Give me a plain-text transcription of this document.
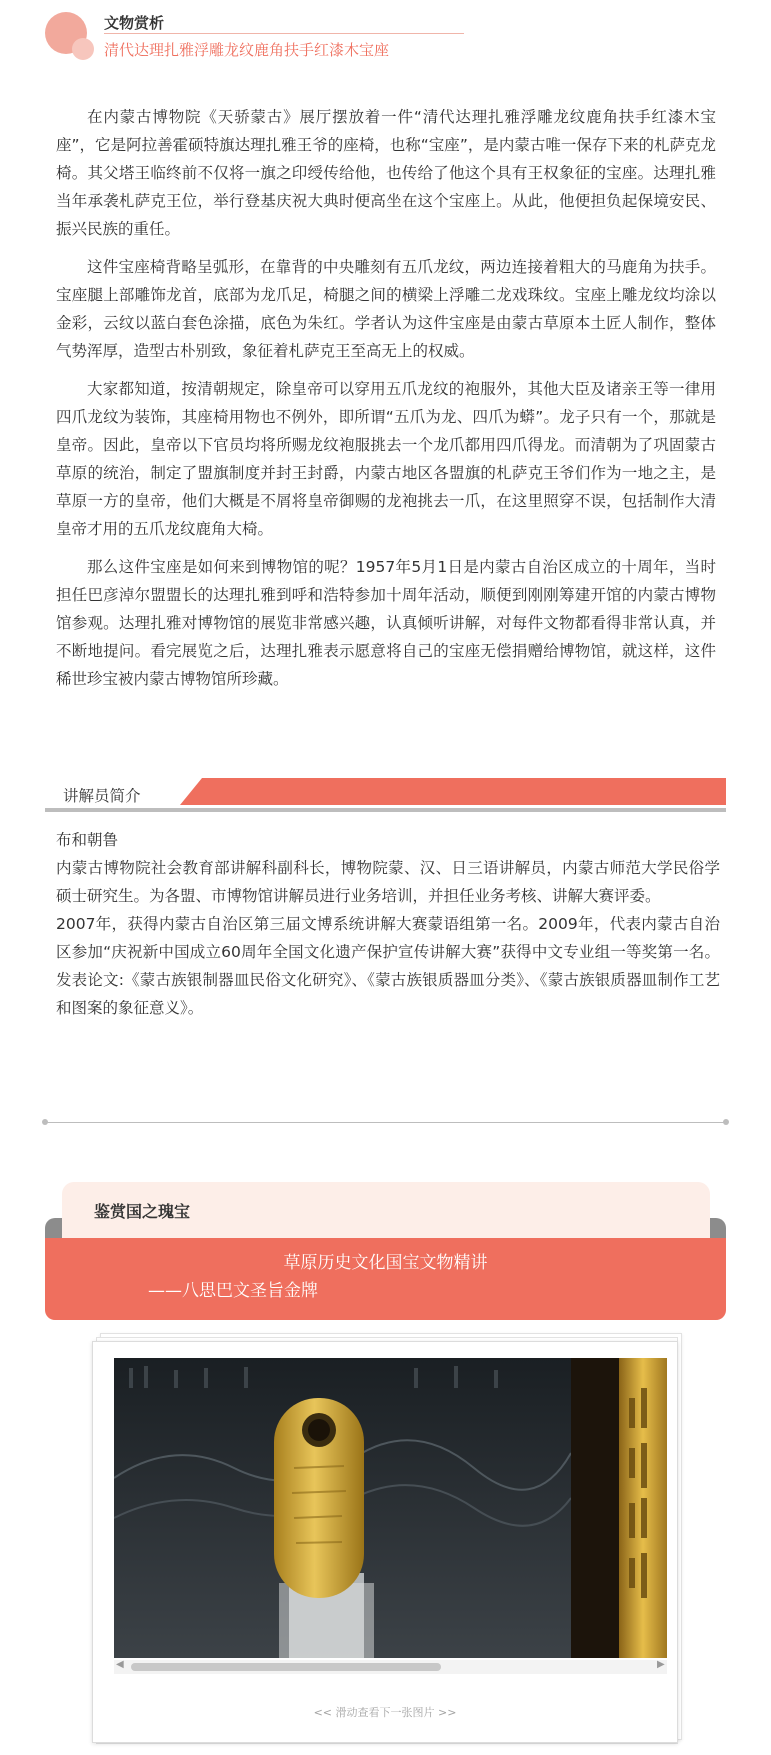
文物赏析
清代达理扎雅浮雕龙纹鹿角扶手红漆木宝座

在内蒙古博物院《天骄蒙古》展厅摆放着一件“清代达理扎雅浮雕龙纹鹿角扶手红漆木宝座”，它是阿拉善霍硕特旗达理扎雅王爷的座椅，也称“宝座”，是内蒙古唯一保存下来的札萨克龙椅。其父塔王临终前不仅将一旗之印绶传给他，也传给了他这个具有王权象征的宝座。达理扎雅当年承袭札萨克王位，举行登基庆祝大典时便高坐在这个宝座上。从此，他便担负起保境安民、振兴民族的重任。

这件宝座椅背略呈弧形，在靠背的中央雕刻有五爪龙纹，两边连接着粗大的马鹿角为扶手。宝座腿上部雕饰龙首，底部为龙爪足，椅腿之间的横梁上浮雕二龙戏珠纹。宝座上雕龙纹均涂以金彩，云纹以蓝白套色涂描，底色为朱红。学者认为这件宝座是由蒙古草原本土匠人制作，整体气势浑厚，造型古朴别致，象征着札萨克王至高无上的权威。

大家都知道，按清朝规定，除皇帝可以穿用五爪龙纹的袍服外，其他大臣及诸亲王等一律用四爪龙纹为装饰，其座椅用物也不例外，即所谓“五爪为龙、四爪为蟒”。龙子只有一个，那就是皇帝。因此，皇帝以下官员均将所赐龙纹袍服挑去一个龙爪都用四爪得龙。而清朝为了巩固蒙古草原的统治，制定了盟旗制度并封王封爵，内蒙古地区各盟旗的札萨克王爷们作为一地之主，是草原一方的皇帝，他们大概是不屑将皇帝御赐的龙袍挑去一爪，在这里照穿不误，包括制作大清皇帝才用的五爪龙纹鹿角大椅。

那么这件宝座是如何来到博物馆的呢？1957年5月1日是内蒙古自治区成立的十周年，当时担任巴彦淖尔盟盟长的达理扎雅到呼和浩特参加十周年活动，顺便到刚刚筹建开馆的内蒙古博物馆参观。达理扎雅对博物馆的展览非常感兴趣，认真倾听讲解，对每件文物都看得非常认真，并不断地提问。看完展览之后，达理扎雅表示愿意将自己的宝座无偿捐赠给博物馆，就这样，这件稀世珍宝被内蒙古博物馆所珍藏。

讲解员简介
布和朝鲁
内蒙古博物院社会教育部讲解科副科长，博物院蒙、汉、日三语讲解员，内蒙古师范大学民俗学硕士研究生。为各盟、市博物馆讲解员进行业务培训，并担任业务考核、讲解大赛评委。
2007年，获得内蒙古自治区第三届文博系统讲解大赛蒙语组第一名。2009年，代表内蒙古自治区参加“庆祝新中国成立60周年全国文化遗产保护宣传讲解大赛”获得中文专业组一等奖第一名。发表论文:《蒙古族银制器皿民俗文化研究》、《蒙古族银质器皿分类》、《蒙古族银质器皿制作工艺和图案的象征意义》。
鉴赏国之瑰宝
草原历史文化国宝文物精讲
——八思巴文圣旨金牌
◀	▶
<< 滑动查看下一张图片 >>
